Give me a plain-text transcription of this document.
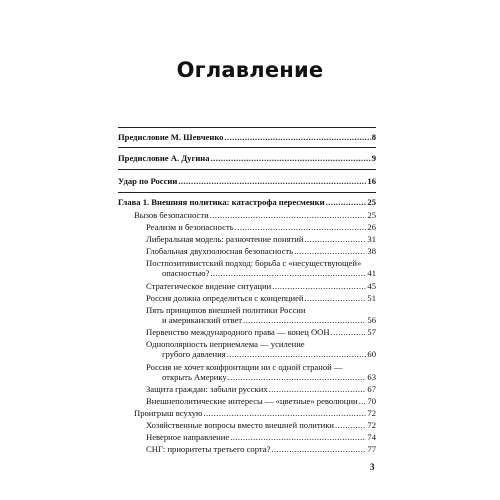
Оглавление
Предисловие М. Шевченко .....	8
Предисловие А. Дугина .....	9
Удар по России .....	16
Глава 1. Внешняя политика: катастрофа пересменки .....	25
Вызов безопасности .....	25
Реализм и безопасность .....	26
Либеральная модель: разночтение понятий .....	31
Глобальная двухполюсная безопасность .....	38
Постпозитивистский подход: борьба с «несуществующей»
опасностью? .....	41
Стратегическое видение ситуации .....	45
Россия должна определиться с концепцией .....	51
Пять принципов внешней политики России
и американский ответ .....	56
Первенство международного права — конец ООН .....	57
Однополярность неприемлема — усиление
грубого давления .....	60
Россия не хочет конфронтации ни с одной страной —
открыть Америку .....	63
Защита граждан: забыли русских .....	67
Внешнеполитические интересы — «цветные» революции ..... 70
Проигрыш всухую .....	72
Хозяйственные вопросы вместо внешней политики .....	72
Неверное направление .....	74
СНГ: приоритеты третьего сорта? .....	77
3
